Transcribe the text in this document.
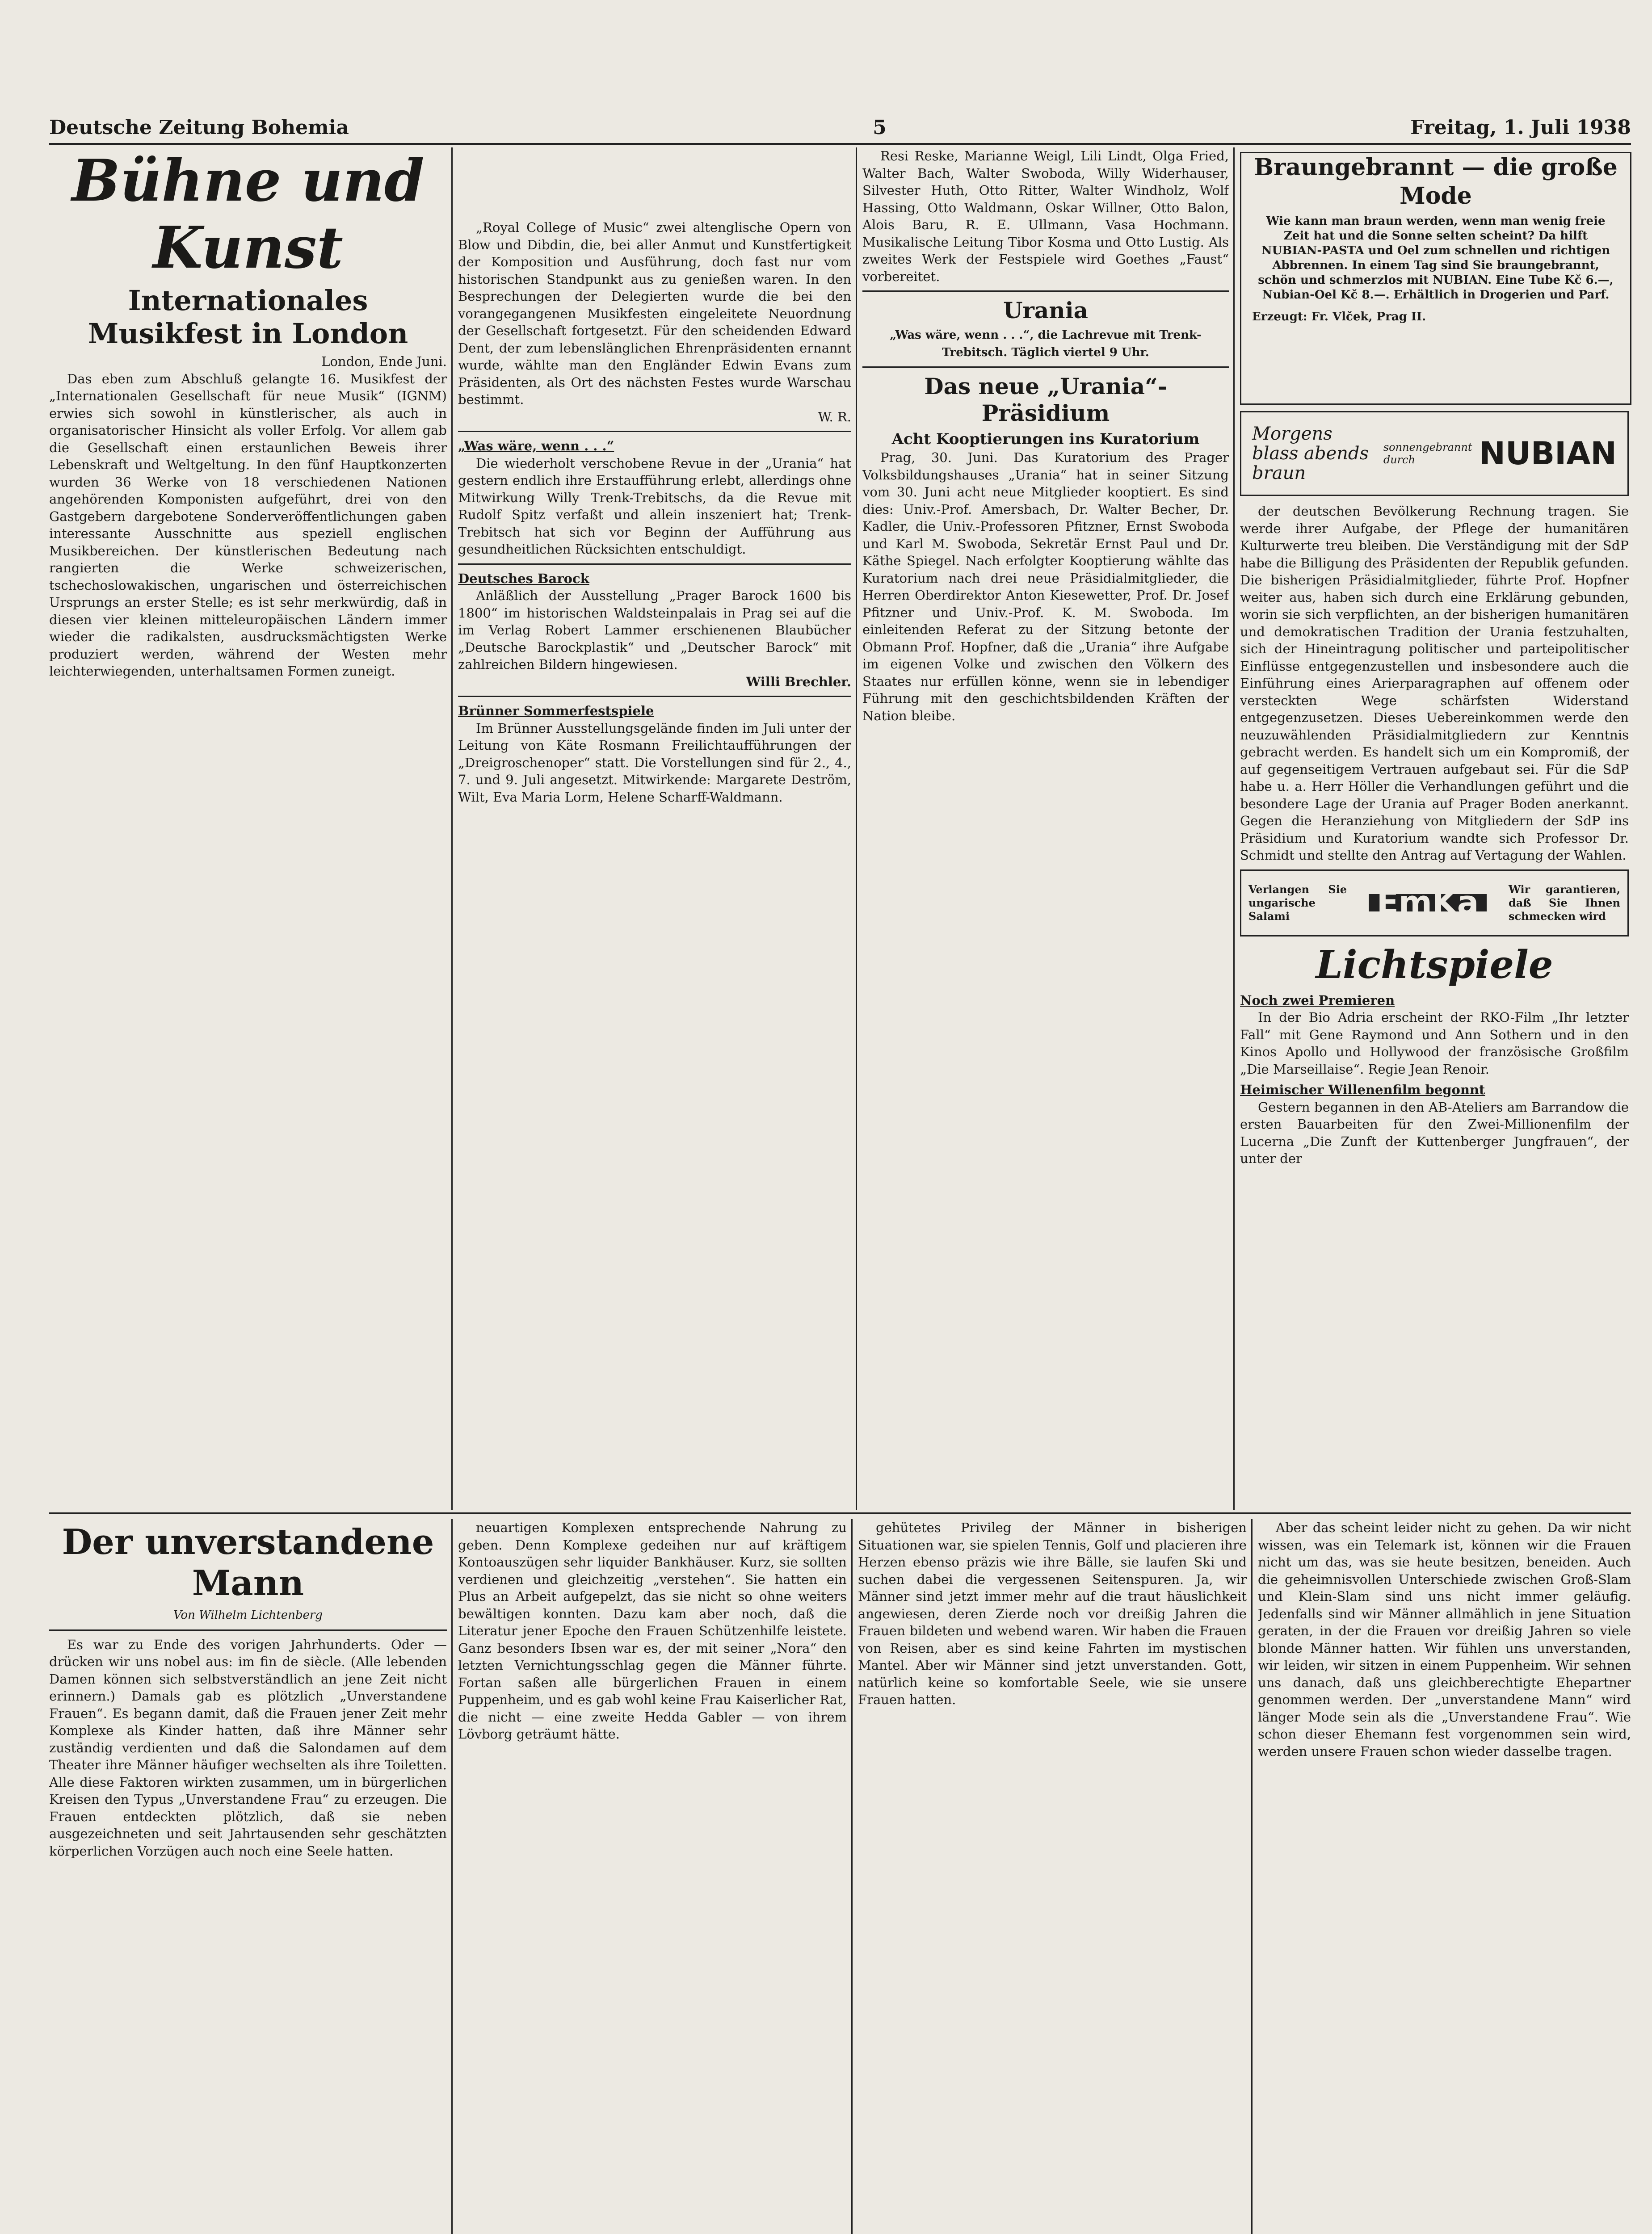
Deutsche Zeitung Bohemia	5	Freitag, 1. Juli 1938
Bühne und Kunst
Internationales Musikfest in London
London, Ende Juni.

Das eben zum Abschluß gelangte 16. Musikfest der „Internationalen Gesellschaft für neue Musik“ (IGNM) erwies sich sowohl in künstlerischer, als auch in organisatorischer Hinsicht als voller Erfolg. Vor allem gab die Gesellschaft einen erstaunlichen Beweis ihrer Lebenskraft und Weltgeltung. In den fünf Hauptkonzerten wurden 36 Werke von 18 verschiedenen Nationen angehörenden Komponisten aufgeführt, drei von den Gastgebern dargebotene Sonderveröffentlichungen gaben interessante Ausschnitte aus speziell englischen Musikbereichen. Der künstlerischen Bedeutung nach rangierten die Werke schweizerischen, tschechoslowakischen, ungarischen und österreichischen Ursprungs an erster Stelle; es ist sehr merkwürdig, daß in diesen vier kleinen mitteleuropäischen Ländern immer wieder die radikalsten, ausdrucksmächtigsten Werke produziert werden, während der Westen mehr leichterwiegenden, unterhaltsamen Formen zuneigt.

„Royal College of Music“ zwei altenglische Opern von Blow und Dibdin, die, bei aller Anmut und Kunstfertigkeit der Komposition und Ausführung, doch fast nur vom historischen Standpunkt aus zu genießen waren. In den Besprechungen der Delegierten wurde die bei den vorangegangenen Musikfesten eingeleitete Neuordnung der Gesellschaft fortgesetzt. Für den scheidenden Edward Dent, der zum lebenslänglichen Ehrenpräsidenten ernannt wurde, wählte man den Engländer Edwin Evans zum Präsidenten, als Ort des nächsten Festes wurde Warschau bestimmt.

W. R.
„Was wäre, wenn . . .“

Die wiederholt verschobene Revue in der „Urania“ hat gestern endlich ihre Erstaufführung erlebt, allerdings ohne Mitwirkung Willy Trenk-Trebitschs, da die Revue mit Rudolf Spitz verfaßt und allein inszeniert hat; Trenk-Trebitsch hat sich vor Beginn der Aufführung aus gesundheitlichen Rücksichten entschuldigt.

Deutsches Barock

Anläßlich der Ausstellung „Prager Barock 1600 bis 1800“ im historischen Waldsteinpalais in Prag sei auf die im Verlag Robert Lammer erschienenen Blaubücher „Deutsche Barockplastik“ und „Deutscher Barock“ mit zahlreichen Bildern hingewiesen.

Willi Brechler.
Brünner Sommerfestspiele

Im Brünner Ausstellungsgelände finden im Juli unter der Leitung von Käte Rosmann Freilichtaufführungen der „Dreigroschenoper“ statt. Die Vorstellungen sind für 2., 4., 7. und 9. Juli angesetzt. Mitwirkende: Margarete Deström, Wilt, Eva Maria Lorm, Helene Scharff-Waldmann.

Resi Reske, Marianne Weigl, Lili Lindt, Olga Fried, Walter Bach, Walter Swoboda, Willy Widerhauser, Silvester Huth, Otto Ritter, Walter Windholz, Wolf Hassing, Otto Waldmann, Oskar Willner, Otto Balon, Alois Baru, R. E. Ullmann, Vasa Hochmann. Musikalische Leitung Tibor Kosma und Otto Lustig. Als zweites Werk der Festspiele wird Goethes „Faust“ vorbereitet.

Urania
„Was wäre, wenn . . .“, die Lachrevue mit Trenk-Trebitsch. Täglich viertel 9 Uhr.
Das neue „Urania“-Präsidium
Acht Kooptierungen ins Kuratorium

Prag, 30. Juni. Das Kuratorium des Prager Volksbildungshauses „Urania“ hat in seiner Sitzung vom 30. Juni acht neue Mitglieder kooptiert. Es sind dies: Univ.-Prof. Amersbach, Dr. Walter Becher, Dr. Kadler, die Univ.-Professoren Pfitzner, Ernst Swoboda und Karl M. Swoboda, Sekretär Ernst Paul und Dr. Käthe Spiegel. Nach erfolgter Kooptierung wählte das Kuratorium nach drei neue Präsidialmitglieder, die Herren Oberdirektor Anton Kiesewetter, Prof. Dr. Josef Pfitzner und Univ.-Prof. K. M. Swoboda. Im einleitenden Referat zu der Sitzung betonte der Obmann Prof. Hopfner, daß die „Urania“ ihre Aufgabe im eigenen Volke und zwischen den Völkern des Staates nur erfüllen könne, wenn sie in lebendiger Führung mit den geschichtsbildenden Kräften der Nation bleibe.

Braungebrannt — die große Mode
Wie kann man braun werden, wenn man wenig freie Zeit hat und die Sonne selten scheint? Da hilft NUBIAN-PASTA und Oel zum schnellen und richtigen Abbrennen. In einem Tag sind Sie braungebrannt, schön und schmerzlos mit NUBIAN. Eine Tube Kč 6.—, Nubian-Oel Kč 8.—. Erhältlich in Drogerien und Parf.
Erzeugt: Fr. Vlček, Prag II.
Morgens blass abends braun
sonnengebrannt durch	NUBIAN

der deutschen Bevölkerung Rechnung tragen. Sie werde ihrer Aufgabe, der Pflege der humanitären Kulturwerte treu bleiben. Die Verständigung mit der SdP habe die Billigung des Präsidenten der Republik gefunden. Die bisherigen Präsidialmitglieder, führte Prof. Hopfner weiter aus, haben sich durch eine Erklärung gebunden, worin sie sich verpflichten, an der bisherigen humanitären und demokratischen Tradition der Urania festzuhalten, sich der Hineintragung politischer und parteipolitischer Einflüsse entgegenzustellen und insbesondere auch die Einführung eines Arierparagraphen auf offenem oder versteckten Wege schärfsten Widerstand entgegenzusetzen. Dieses Uebereinkommen werde den neuzuwählenden Präsidialmitgliedern zur Kenntnis gebracht werden. Es handelt sich um ein Kompromiß, der auf gegenseitigem Vertrauen aufgebaut sei. Für die SdP habe u. a. Herr Höller die Verhandlungen geführt und die besondere Lage der Urania auf Prager Boden anerkannt. Gegen die Heranziehung von Mitgliedern der SdP ins Präsidium und Kuratorium wandte sich Professor Dr. Schmidt und stellte den Antrag auf Vertagung der Wahlen.

Verlangen Sie ungarische Salami	EmKa	Wir garantieren, daß Sie Ihnen schmecken wird
Lichtspiele
Noch zwei Premieren

In der Bio Adria erscheint der RKO-Film „Ihr letzter Fall“ mit Gene Raymond und Ann Sothern und in den Kinos Apollo und Hollywood der französische Großfilm „Die Marseillaise“. Regie Jean Renoir.

Heimischer Willenenfilm begonnt

Gestern begannen in den AB-Ateliers am Barrandow die ersten Bauarbeiten für den Zwei-Millionenfilm der Lucerna „Die Zunft der Kuttenberger Jungfrauen“, der unter der

Der unverstandene Mann
Von Wilhelm Lichtenberg

Es war zu Ende des vorigen Jahrhunderts. Oder — drücken wir uns nobel aus: im fin de siècle. (Alle lebenden Damen können sich selbstverständlich an jene Zeit nicht erinnern.) Damals gab es plötzlich „Unverstandene Frauen“. Es begann damit, daß die Frauen jener Zeit mehr Komplexe als Kinder hatten, daß ihre Männer sehr zuständig verdienten und daß die Salondamen auf dem Theater ihre Männer häufiger wechselten als ihre Toiletten. Alle diese Faktoren wirkten zusammen, um in bürgerlichen Kreisen den Typus „Unverstandene Frau“ zu erzeugen. Die Frauen entdeckten plötzlich, daß sie neben ausgezeichneten und seit Jahrtausenden sehr geschätzten körperlichen Vorzügen auch noch eine Seele hatten.

neuartigen Komplexen entsprechende Nahrung zu geben. Denn Komplexe gedeihen nur auf kräftigem Kontoauszügen sehr liquider Bankhäuser. Kurz, sie sollten verdienen und gleichzeitig „verstehen“. Sie hatten ein Plus an Arbeit aufgepelzt, das sie nicht so ohne weiters bewältigen konnten. Dazu kam aber noch, daß die Literatur jener Epoche den Frauen Schützenhilfe leistete. Ganz besonders Ibsen war es, der mit seiner „Nora“ den letzten Vernichtungsschlag gegen die Männer führte. Fortan saßen alle bürgerlichen Frauen in einem Puppenheim, und es gab wohl keine Frau Kaiserlicher Rat, die nicht — eine zweite Hedda Gabler — von ihrem Lövborg geträumt hätte.

gehütetes Privileg der Männer in bisherigen Situationen war, sie spielen Tennis, Golf und placieren ihre Herzen ebenso präzis wie ihre Bälle, sie laufen Ski und suchen dabei die vergessenen Seitenspuren. Ja, wir Männer sind jetzt immer mehr auf die traut häuslichkeit angewiesen, deren Zierde noch vor dreißig Jahren die Frauen bildeten und webend waren. Wir haben die Frauen von Reisen, aber es sind keine Fahrten im mystischen Mantel. Aber wir Männer sind jetzt unverstanden. Gott, natürlich keine so komfortable Seele, wie sie unsere Frauen hatten.

Aber das scheint leider nicht zu gehen. Da wir nicht wissen, was ein Telemark ist, können wir die Frauen nicht um das, was sie heute besitzen, beneiden. Auch die geheimnisvollen Unterschiede zwischen Groß-Slam und Klein-Slam sind uns nicht immer geläufig. Jedenfalls sind wir Männer allmählich in jene Situation geraten, in der die Frauen vor dreißig Jahren so viele blonde Männer hatten. Wir fühlen uns unverstanden, wir leiden, wir sitzen in einem Puppenheim. Wir sehnen uns danach, daß uns gleichberechtigte Ehepartner genommen werden. Der „unverstandene Mann“ wird länger Mode sein als die „Unverstandene Frau“. Wie schon dieser Ehemann fest vorgenommen sein wird, werden unsere Frauen schon wieder dasselbe tragen.
